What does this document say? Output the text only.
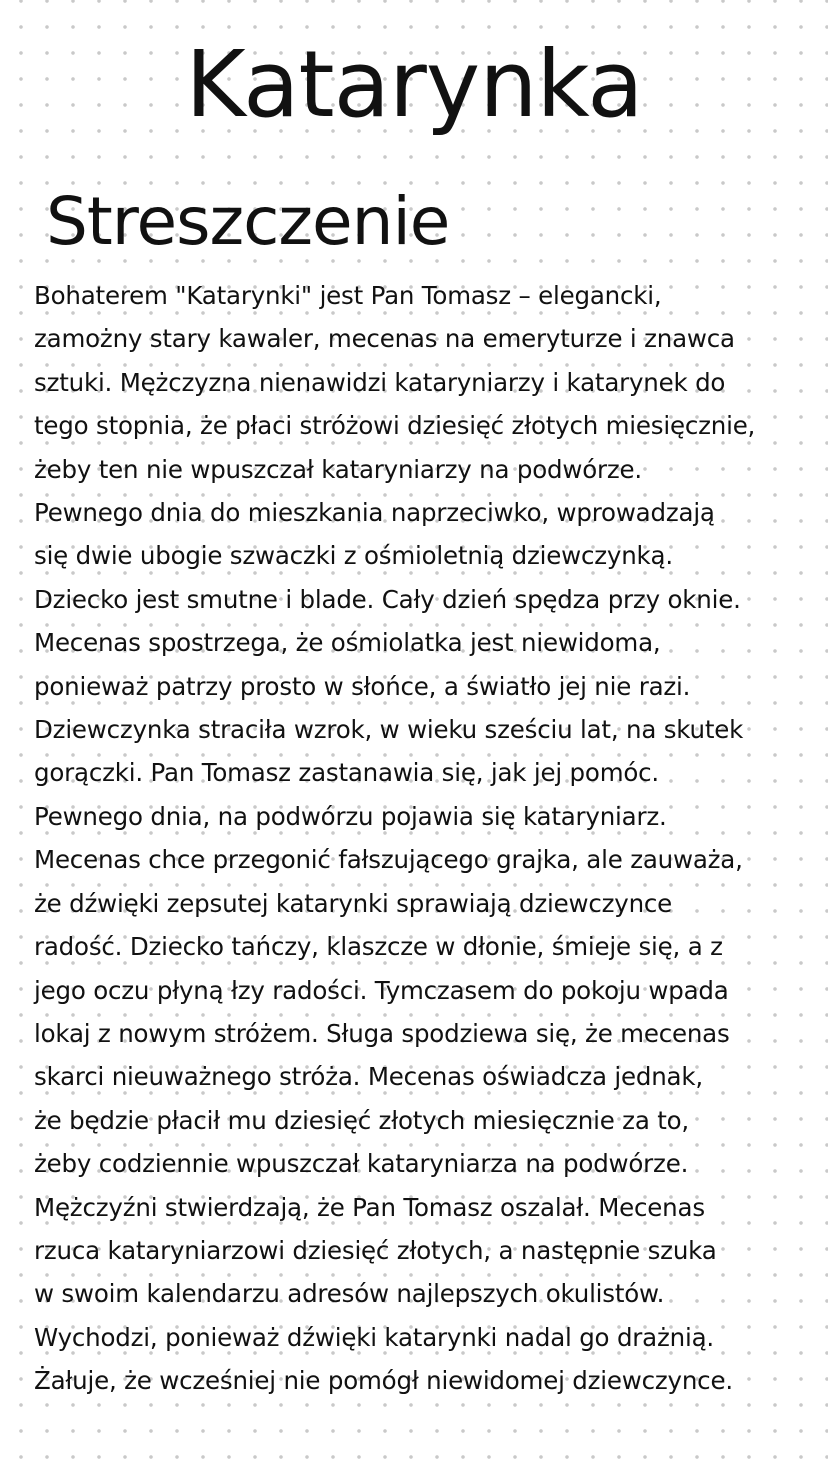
Katarynka
Streszczenie
Bohaterem "Katarynki" jest Pan Tomasz – elegancki,
zamożny stary kawaler, mecenas na emeryturze i znawca
sztuki. Mężczyzna nienawidzi kataryniarzy i katarynek do
tego stopnia, że płaci stróżowi dziesięć złotych miesięcznie,
żeby ten nie wpuszczał kataryniarzy na podwórze.
Pewnego dnia do mieszkania naprzeciwko, wprowadzają
się dwie ubogie szwaczki z ośmioletnią dziewczynką.
Dziecko jest smutne i blade. Cały dzień spędza przy oknie.
Mecenas spostrzega, że ośmiolatka jest niewidoma,
ponieważ patrzy prosto w słońce, a światło jej nie razi.
Dziewczynka straciła wzrok, w wieku sześciu lat, na skutek
gorączki. Pan Tomasz zastanawia się, jak jej pomóc.
Pewnego dnia, na podwórzu pojawia się kataryniarz.
Mecenas chce przegonić fałszującego grajka, ale zauważa,
że dźwięki zepsutej katarynki sprawiają dziewczynce
radość. Dziecko tańczy, klaszcze w dłonie, śmieje się, a z
jego oczu płyną łzy radości. Tymczasem do pokoju wpada
lokaj z nowym stróżem. Sługa spodziewa się, że mecenas
skarci nieuważnego stróża. Mecenas oświadcza jednak,
że będzie płacił mu dziesięć złotych miesięcznie za to,
żeby codziennie wpuszczał kataryniarza na podwórze.
Mężczyźni stwierdzają, że Pan Tomasz oszalał. Mecenas
rzuca kataryniarzowi dziesięć złotych, a następnie szuka
w swoim kalendarzu adresów najlepszych okulistów.
Wychodzi, ponieważ dźwięki katarynki nadal go drażnią.
Żałuje, że wcześniej nie pomógł niewidomej dziewczynce.
